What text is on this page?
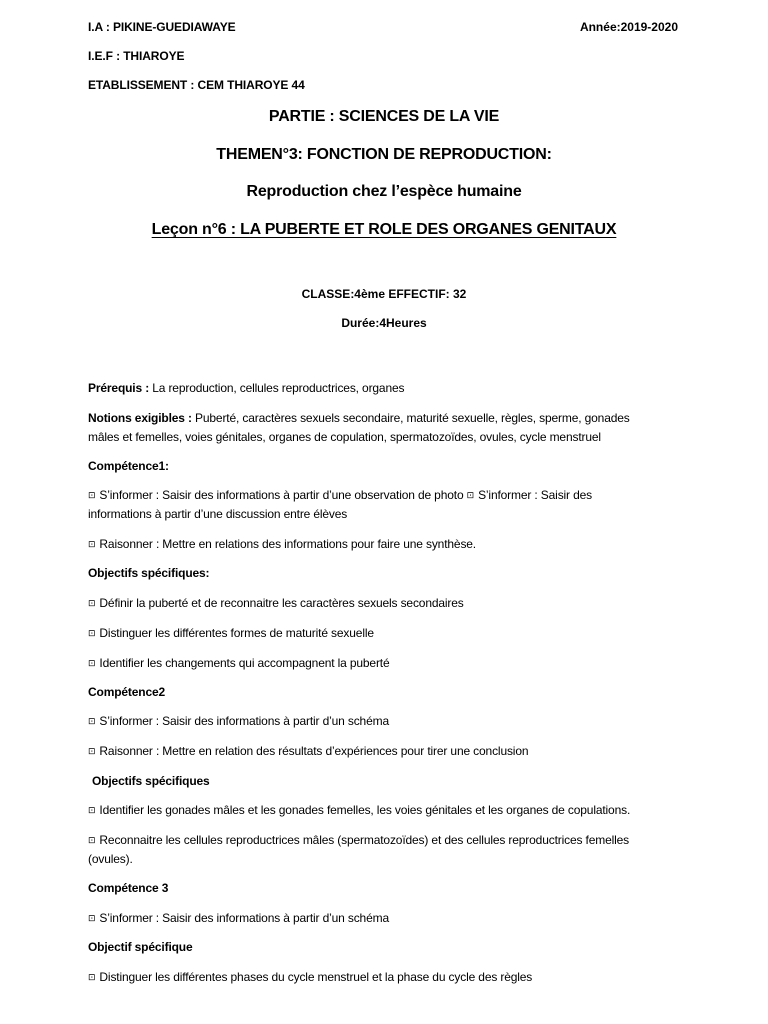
I.A : PIKINE-GUEDIAWAYE	Année:2019-2020
I.E.F : THIAROYE
ETABLISSEMENT : CEM THIAROYE 44
PARTIE : SCIENCES DE LA VIE
THEMEN°3: FONCTION DE REPRODUCTION:
Reproduction chez l’espèce humaine
Leçon n°6 : LA PUBERTE ET ROLE DES ORGANES GENITAUX
CLASSE:4ème EFFECTIF: 32
Durée:4Heures
Prérequis : La reproduction, cellules reproductrices, organes
Notions exigibles : Puberté, caractères sexuels secondaire, maturité sexuelle, règles, sperme, gonades
mâles et femelles, voies génitales, organes de copulation, spermatozoïdes, ovules, cycle menstruel
Compétence1:
⊡ S’informer : Saisir des informations à partir d’une observation de photo ⊡ S’informer : Saisir des
informations à partir d’une discussion entre élèves
⊡ Raisonner : Mettre en relations des informations pour faire une synthèse.
Objectifs spécifiques:
⊡ Définir la puberté et de reconnaitre les caractères sexuels secondaires
⊡ Distinguer les différentes formes de maturité sexuelle
⊡ Identifier les changements qui accompagnent la puberté
Compétence2
⊡ S’informer : Saisir des informations à partir d’un schéma
⊡ Raisonner : Mettre en relation des résultats d’expériences pour tirer une conclusion
Objectifs spécifiques
⊡ Identifier les gonades mâles et les gonades femelles, les voies génitales et les organes de copulations.
⊡ Reconnaitre les cellules reproductrices mâles (spermatozoïdes) et des cellules reproductrices femelles
(ovules).
Compétence 3
⊡ S’informer : Saisir des informations à partir d’un schéma
Objectif spécifique
⊡ Distinguer les différentes phases du cycle menstruel et la phase du cycle des règles
